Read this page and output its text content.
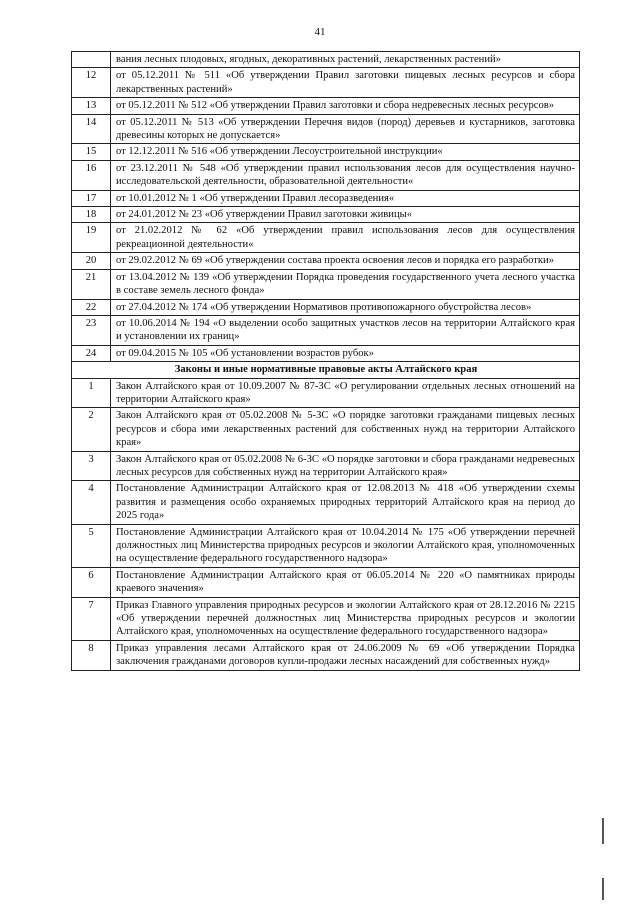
41
	вания лесных плодовых, ягодных, декоративных растений, лекарственных растений»
12	от 05.12.2011 № 511 «Об утверждении Правил заготовки пищевых лесных ресурсов и сбора лекарственных растений»
13	от 05.12.2011 № 512 «Об утверждении Правил заготовки и сбора недревесных лесных ресурсов»
14	от 05.12.2011 № 513 «Об утверждении Перечня видов (пород) деревьев и кустарников, заготовка древесины которых не допускается»
15	от 12.12.2011 № 516 «Об утверждении Лесоустроительной инструкции«
16	от 23.12.2011 № 548 «Об утверждении правил использования лесов для осуществления научно-исследовательской деятельности, образовательной деятельности«
17	от 10.01.2012 № 1 «Об утверждении Правил лесоразведения«
18	от 24.01.2012 № 23 «Об утверждении Правил заготовки живицы«
19	от 21.02.2012 № 62 «Об утверждении правил использования лесов для осуществления рекреационной деятельности«
20	от 29.02.2012 № 69 «Об утверждении состава проекта освоения лесов и порядка его разработки»
21	от 13.04.2012 № 139 «Об утверждении Порядка проведения государственного учета лесного участка в составе земель лесного фонда»
22	от 27.04.2012 № 174 «Об утверждении Нормативов противопожарного обустройства лесов»
23	от 10.06.2014 № 194 «О выделении особо защитных участков лесов на территории Алтайского края и установлении их границ»
24	от 09.04.2015 № 105 «Об установлении возрастов рубок»
Законы и иные нормативные правовые акты Алтайского края	
1	Закон Алтайского края от 10.09.2007 № 87-ЗС «О регулировании отдельных лесных отношений на территории Алтайского края»
2	Закон Алтайского края от 05.02.2008 № 5-ЗС «О порядке заготовки гражданами пищевых лесных ресурсов и сбора ими лекарственных растений для собственных нужд на территории Алтайского края»
3	Закон Алтайского края от 05.02.2008 № 6-ЗС «О порядке заготовки и сбора гражданами недревесных лесных ресурсов для собственных нужд на территории Алтайского края»
4	Постановление Администрации Алтайского края от 12.08.2013 № 418 «Об утверждении схемы развития и размещения особо охраняемых природных территорий Алтайского края на период до 2025 года»
5	Постановление Администрации Алтайского края от 10.04.2014 № 175 «Об утверждении перечней должностных лиц Министерства природных ресурсов и экологии Алтайского края, уполномоченных на осуществление федерального государственного надзора»
6	Постановление Администрации Алтайского края от 06.05.2014 № 220 «О памятниках природы краевого значения»
7	Приказ Главного управления природных ресурсов и экологии Алтайского края от 28.12.2016 № 2215 «Об утверждении перечней должностных лиц Министерства природных ресурсов и экологии Алтайского края, уполномоченных на осуществление федерального государственного надзора»
8	Приказ управления лесами Алтайского края от 24.06.2009 № 69 «Об утверждении Порядка заключения гражданами договоров купли-продажи лесных насаждений для собственных нужд»
